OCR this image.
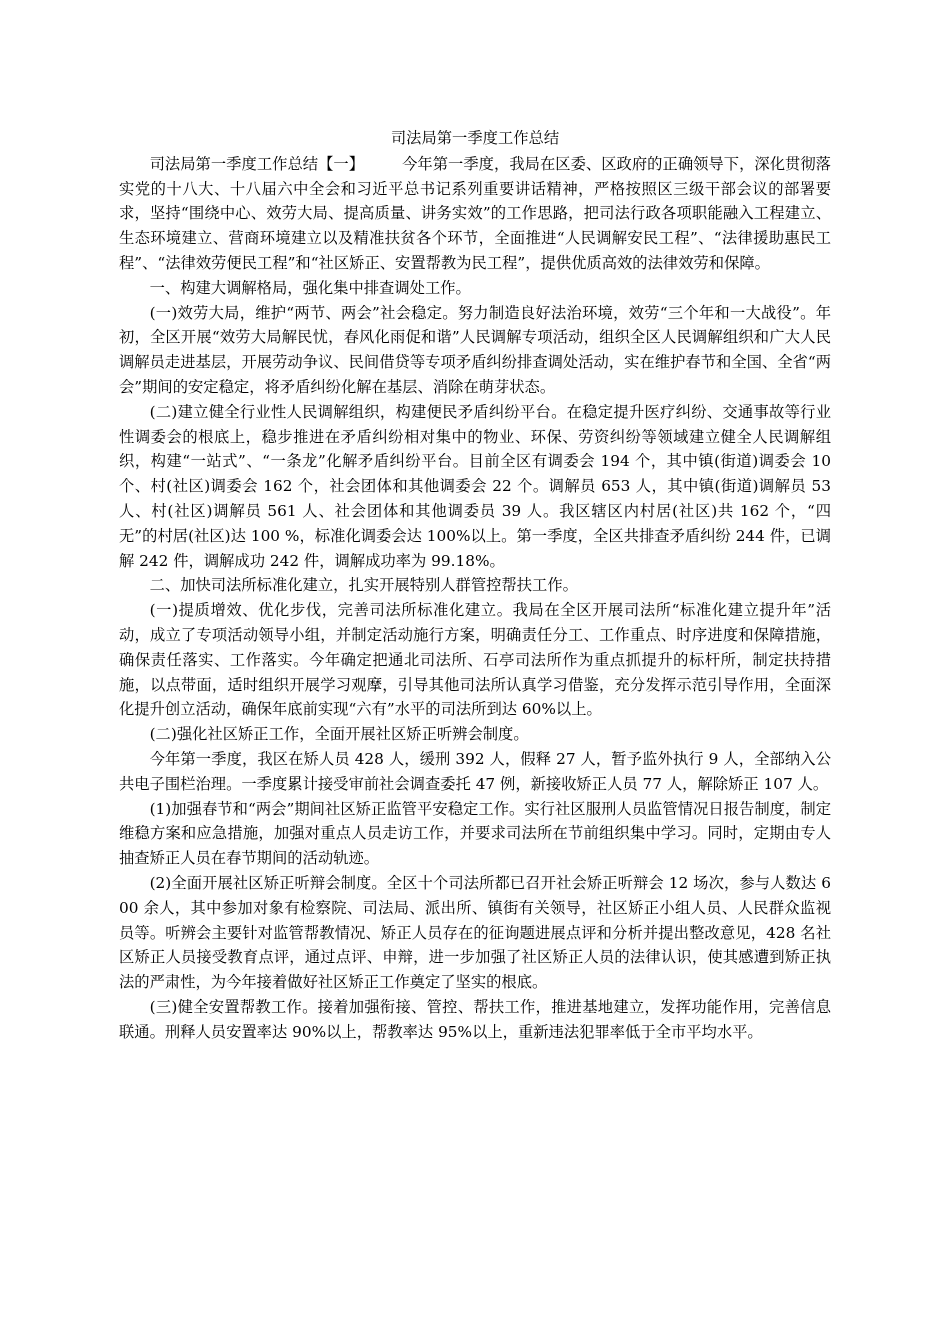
司法局第一季度工作总结

司法局第一季度工作总结【一】 今年第一季度，我局在区委、区政府的正确领导下，深化贯彻落实党的十八大、十八届六中全会和习近平总书记系列重要讲话精神，严格按照区三级干部会议的部署要求，坚持“围绕中心、效劳大局、提高质量、讲务实效”的工作思路，把司法行政各项职能融入工程建立、生态环境建立、营商环境建立以及精准扶贫各个环节，全面推进“人民调解安民工程”、“法律援助惠民工程”、“法律效劳便民工程”和“社区矫正、安置帮教为民工程”，提供优质高效的法律效劳和保障。

一、构建大调解格局，强化集中排查调处工作。

(一)效劳大局，维护“两节、两会”社会稳定。努力制造良好法治环境，效劳“三个年和一大战役”。年初，全区开展“效劳大局解民忧，春风化雨促和谐”人民调解专项活动，组织全区人民调解组织和广大人民调解员走进基层，开展劳动争议、民间借贷等专项矛盾纠纷排查调处活动，实在维护春节和全国、全省“两会”期间的安定稳定，将矛盾纠纷化解在基层、消除在萌芽状态。

(二)建立健全行业性人民调解组织，构建便民矛盾纠纷平台。在稳定提升医疗纠纷、交通事故等行业性调委会的根底上，稳步推进在矛盾纠纷相对集中的物业、环保、劳资纠纷等领域建立健全人民调解组织，构建“一站式”、“一条龙”化解矛盾纠纷平台。目前全区有调委会 194 个，其中镇(街道)调委会 10 个、村(社区)调委会 162 个，社会团体和其他调委会 22 个。调解员 653 人，其中镇(街道)调解员 53 人、村(社区)调解员 561 人、社会团体和其他调委员 39 人。我区辖区内村居(社区)共 162 个，“四无”的村居(社区)达 100 %，标准化调委会达 100%以上。第一季度，全区共排查矛盾纠纷 244 件，已调解 242 件，调解成功 242 件，调解成功率为 99.18%。

二、加快司法所标准化建立，扎实开展特别人群管控帮扶工作。

(一)提质增效、优化步伐，完善司法所标准化建立。我局在全区开展司法所“标准化建立提升年”活动，成立了专项活动领导小组，并制定活动施行方案，明确责任分工、工作重点、时序进度和保障措施，确保责任落实、工作落实。今年确定把通北司法所、石亭司法所作为重点抓提升的标杆所，制定扶持措施，以点带面，适时组织开展学习观摩，引导其他司法所认真学习借鉴，充分发挥示范引导作用，全面深化提升创立活动，确保年底前实现“六有”水平的司法所到达 60%以上。

(二)强化社区矫正工作，全面开展社区矫正听辨会制度。

今年第一季度，我区在矫人员 428 人，缓刑 392 人，假释 27 人，暂予监外执行 9 人，全部纳入公共电子围栏治理。一季度累计接受审前社会调查委托 47 例，新接收矫正人员 77 人，解除矫正 107 人。

(1)加强春节和“两会”期间社区矫正监管平安稳定工作。实行社区服刑人员监管情况日报告制度，制定维稳方案和应急措施，加强对重点人员走访工作，并要求司法所在节前组织集中学习。同时，定期由专人抽查矫正人员在春节期间的活动轨迹。

(2)全面开展社区矫正听辩会制度。全区十个司法所都已召开社会矫正听辩会 12 场次，参与人数达 600 余人，其中参加对象有检察院、司法局、派出所、镇街有关领导，社区矫正小组人员、人民群众监视员等。听辨会主要针对监管帮教情况、矫正人员存在的征询题进展点评和分析并提出整改意见，428 名社区矫正人员接受教育点评，通过点评、申辩，进一步加强了社区矫正人员的法律认识，使其感遭到矫正执法的严肃性，为今年接着做好社区矫正工作奠定了坚实的根底。

(三)健全安置帮教工作。接着加强衔接、管控、帮扶工作，推进基地建立，发挥功能作用，完善信息联通。刑释人员安置率达 90%以上，帮教率达 95%以上，重新违法犯罪率低于全市平均水平。
